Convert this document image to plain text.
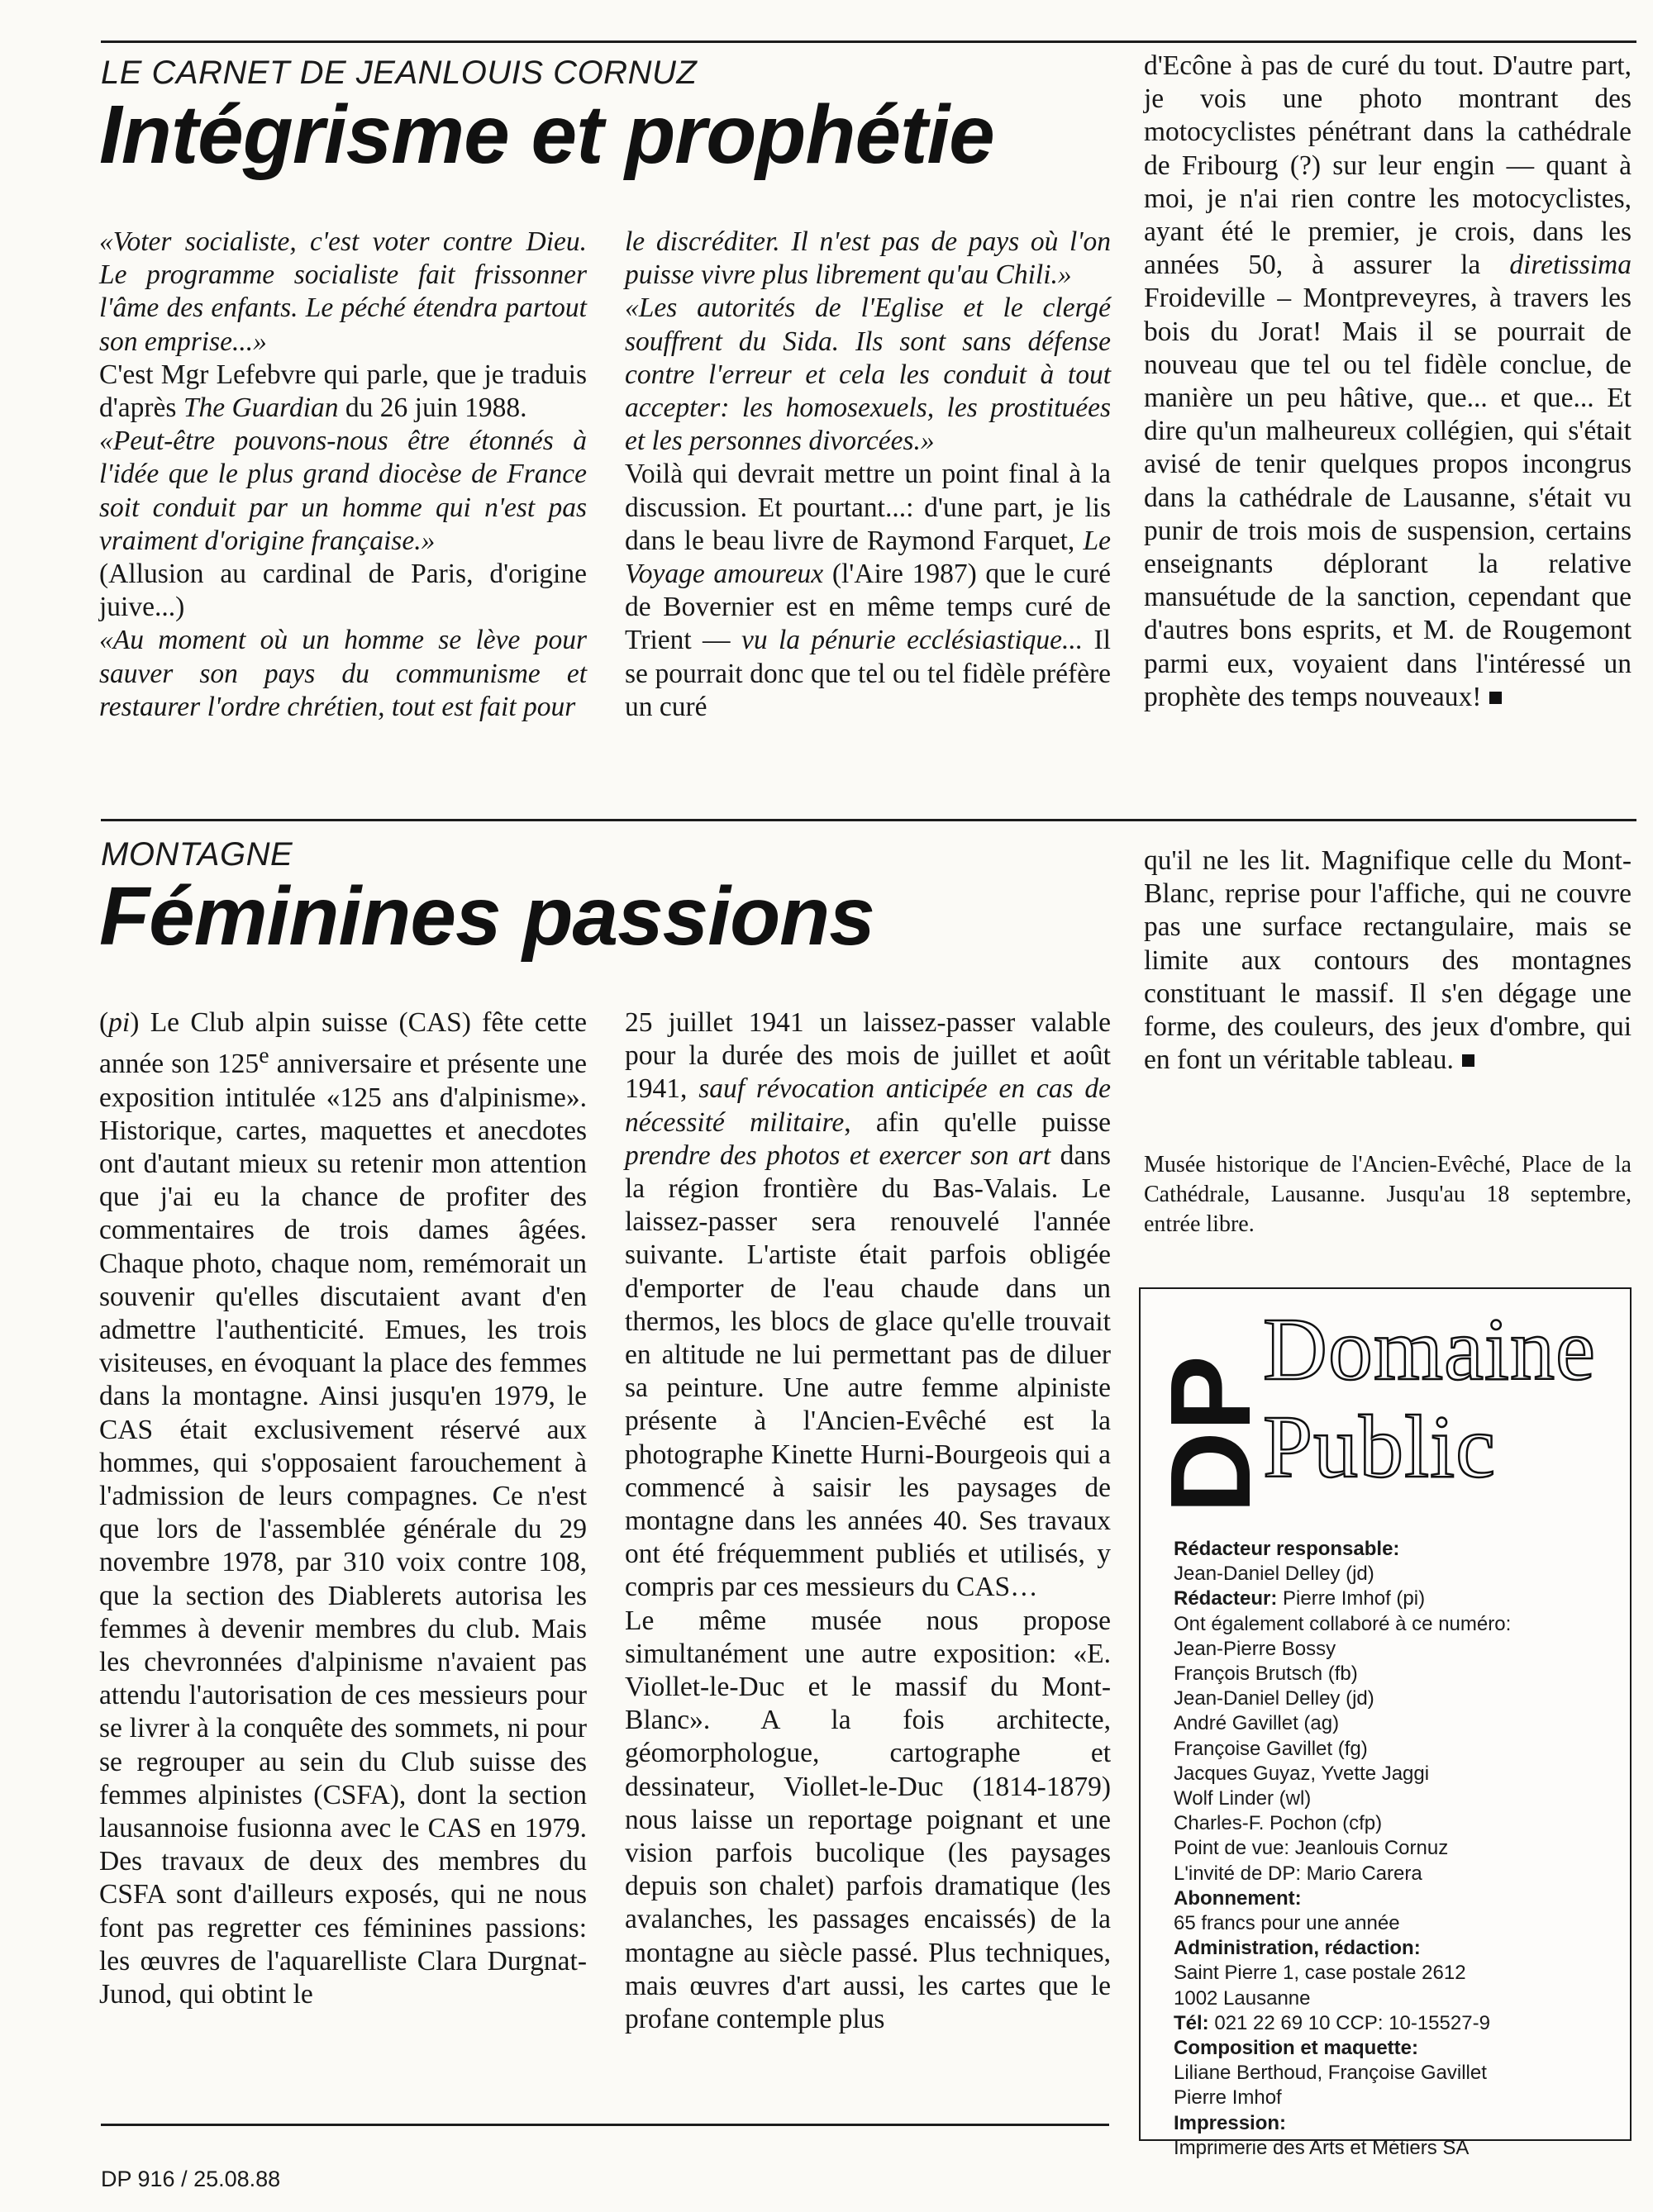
LE CARNET DE JEANLOUIS CORNUZ
Intégrisme et prophétie

«Voter socialiste, c'est voter contre Dieu. Le programme socialiste fait frissonner l'âme des enfants. Le péché étendra partout son emprise...»

C'est Mgr Lefebvre qui parle, que je traduis d'après The Guardian du 26 juin 1988.

«Peut-être pouvons-nous être étonnés à l'idée que le plus grand diocèse de France soit conduit par un homme qui n'est pas vraiment d'origine française.»

(Allusion au cardinal de Paris, d'origine juive...)

«Au moment où un homme se lève pour sauver son pays du communisme et restaurer l'ordre chrétien, tout est fait pour

le discréditer. Il n'est pas de pays où l'on puisse vivre plus librement qu'au Chili.»

«Les autorités de l'Eglise et le clergé souffrent du Sida. Ils sont sans défense contre l'erreur et cela les conduit à tout accepter: les homosexuels, les prostituées et les personnes divorcées.»

Voilà qui devrait mettre un point final à la discussion. Et pourtant...: d'une part, je lis dans le beau livre de Raymond Farquet, Le Voyage amoureux (l'Aire 1987) que le curé de Bovernier est en même temps curé de Trient — vu la pénurie ecclésiastique... Il se pourrait donc que tel ou tel fidèle préfère un curé

d'Ecône à pas de curé du tout. D'autre part, je vois une photo montrant des motocyclistes pénétrant dans la cathédrale de Fribourg (?) sur leur engin — quant à moi, je n'ai rien contre les motocyclistes, ayant été le premier, je crois, dans les années 50, à assurer la diretissima Froideville – Montpreveyres, à travers les bois du Jorat! Mais il se pourrait de nouveau que tel ou tel fidèle conclue, de manière un peu hâtive, que... et que... Et dire qu'un malheureux collégien, qui s'était avisé de tenir quelques propos incongrus dans la cathédrale de Lausanne, s'était vu punir de trois mois de suspension, certains enseignants déplorant la relative mansuétude de la sanction, cependant que d'autres bons esprits, et M. de Rougemont parmi eux, voyaient dans l'intéressé un prophète des temps nouveaux!

MONTAGNE
Féminines passions

(pi) Le Club alpin suisse (CAS) fête cette année son 125e anniversaire et présente une exposition intitulée «125 ans d'alpinisme». Historique, cartes, maquettes et anecdotes ont d'autant mieux su retenir mon attention que j'ai eu la chance de profiter des commentaires de trois dames âgées. Chaque photo, chaque nom, remémorait un souvenir qu'elles discutaient avant d'en admettre l'authenticité. Emues, les trois visiteuses, en évoquant la place des femmes dans la montagne. Ainsi jusqu'en 1979, le CAS était exclusivement réservé aux hommes, qui s'opposaient farouchement à l'admission de leurs compagnes. Ce n'est que lors de l'assemblée générale du 29 novembre 1978, par 310 voix contre 108, que la section des Diablerets autorisa les femmes à devenir membres du club. Mais les chevronnées d'alpinisme n'avaient pas attendu l'autorisation de ces messieurs pour se livrer à la conquête des sommets, ni pour se regrouper au sein du Club suisse des femmes alpinistes (CSFA), dont la section lausannoise fusionna avec le CAS en 1979. Des travaux de deux des membres du CSFA sont d'ailleurs exposés, qui ne nous font pas regretter ces féminines passions: les œuvres de l'aquarelliste Clara Durgnat-Junod, qui obtint le

25 juillet 1941 un laissez-passer valable pour la durée des mois de juillet et août 1941, sauf révocation anticipée en cas de nécessité militaire, afin qu'elle puisse prendre des photos et exercer son art dans la région frontière du Bas-Valais. Le laissez-passer sera renouvelé l'année suivante. L'artiste était parfois obligée d'emporter de l'eau chaude dans un thermos, les blocs de glace qu'elle trouvait en altitude ne lui permettant pas de diluer sa peinture. Une autre femme alpiniste présente à l'Ancien-Evêché est la photographe Kinette Hurni-Bourgeois qui a commencé à saisir les paysages de montagne dans les années 40. Ses travaux ont été fréquemment publiés et utilisés, y compris par ces messieurs du CAS…

Le même musée nous propose simultanément une autre exposition: «E. Viollet-le-Duc et le massif du Mont-Blanc». A la fois architecte, géomorphologue, cartographe et dessinateur, Viollet-le-Duc (1814-1879) nous laisse un reportage poignant et une vision parfois bucolique (les paysages depuis son chalet) parfois dramatique (les avalanches, les passages encaissés) de la montagne au siècle passé. Plus techniques, mais œuvres d'art aussi, les cartes que le profane contemple plus

qu'il ne les lit. Magnifique celle du Mont-Blanc, reprise pour l'affiche, qui ne couvre pas une surface rectangulaire, mais se limite aux contours des montagnes constituant le massif. Il s'en dégage une forme, des couleurs, des jeux d'ombre, qui en font un véritable tableau.

Musée historique de l'Ancien-Evêché, Place de la Cathédrale, Lausanne. Jusqu'au 18 septembre, entrée libre.
DP
Domaine
Public
Rédacteur responsable:
Jean-Daniel Delley (jd)
Rédacteur: Pierre Imhof (pi)
Ont également collaboré à ce numéro:
Jean-Pierre Bossy
François Brutsch (fb)
Jean-Daniel Delley (jd)
André Gavillet (ag)
Françoise Gavillet (fg)
Jacques Guyaz, Yvette Jaggi
Wolf Linder (wl)
Charles-F. Pochon (cfp)
Point de vue: Jeanlouis Cornuz
L'invité de DP: Mario Carera
Abonnement:
65 francs pour une année
Administration, rédaction:
Saint Pierre 1, case postale 2612
1002 Lausanne
Tél: 021 22 69 10 CCP: 10-15527-9
Composition et maquette:
Liliane Berthoud, Françoise Gavillet
Pierre Imhof
Impression:
Imprimerie des Arts et Métiers SA
DP 916 / 25.08.88
